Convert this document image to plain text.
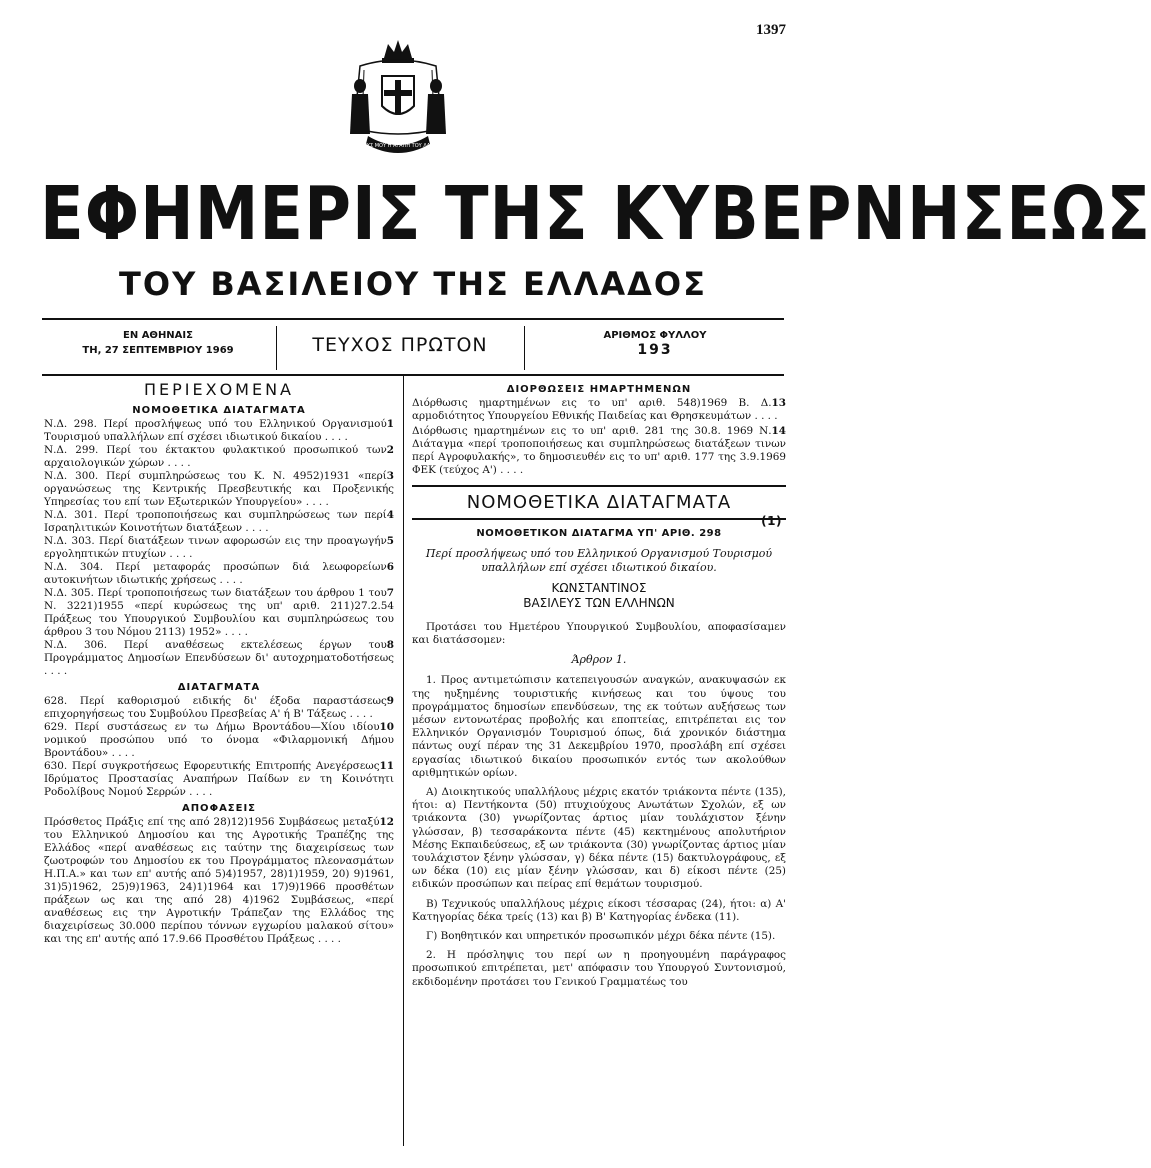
1397
ΙΣΧΥΣ ΜΟΥ Η ΑΓΑΠΗ ΤΟΥ ΛΑΟΥ
ΕΦΗΜΕΡΙΣ ΤΗΣ ΚΥΒΕΡΝΗΣΕΩΣ
ΤΟΥ ΒΑΣΙΛΕΙΟΥ ΤΗΣ ΕΛΛΑΔΟΣ
ΕΝ ΑΘΗΝΑΙΣ
ΤΗ, 27 ΣΕΠΤΕΜΒΡΙΟΥ 1969	ΤΕΥΧΟΣ ΠΡΩΤΟΝ	ΑΡΙΘΜΟΣ ΦΥΛΛΟΥ
193
ΠΕΡΙΕΧΟΜΕΝΑ
ΝΟΜΟΘΕΤΙΚΑ ΔΙΑΤΑΓΜΑΤΑ

1
Ν.Δ. 298. Περί προσλήψεως υπό του Ελληνικού Οργανισμού Τουρισμού υπαλλήλων επί σχέσει ιδιωτικού δικαίου . . . .

2
Ν.Δ. 299. Περί του έκτακτου φυλακτικού προσωπικού των αρχαιολογικών χώρων . . . .

3
Ν.Δ. 300. Περί συμπληρώσεως του Κ. Ν. 4952)1931 «περί οργανώσεως της Κεντρικής Πρεσβευτικής και Προξενικής Υπηρεσίας του επί των Εξωτερικών Υπουργείου» . . . .

4
Ν.Δ. 301. Περί τροποποιήσεως και συμπληρώσεως των περί Ισραηλιτικών Κοινοτήτων διατάξεων . . . .

5
Ν.Δ. 303. Περί διατάξεων τινων αφορωσών εις την προαγωγήν εργοληπτικών πτυχίων . . . .

6
Ν.Δ. 304. Περί μεταφοράς προσώπων διά λεωφορείων αυτοκινήτων ιδιωτικής χρήσεως . . . .

7
Ν.Δ. 305. Περί τροποποιήσεως των διατάξεων του άρθρου 1 του Ν. 3221)1955 «περί κυρώσεως της υπ' αριθ. 211)27.2.54 Πράξεως του Υπουργικού Συμβουλίου και συμπληρώσεως του άρθρου 3 του Νόμου 2113) 1952» . . . .

8
Ν.Δ. 306. Περί αναθέσεως εκτελέσεως έργων του Προγράμματος Δημοσίων Επενδύσεων δι' αυτοχρηματοδοτήσεως . . . .

ΔΙΑΤΑΓΜΑΤΑ

9
628. Περί καθορισμού ειδικής δι' έξοδα παραστάσεως επιχορηγήσεως του Συμβούλου Πρεσβείας Α' ή Β' Τάξεως . . . .

10
629. Περί συστάσεως εν τω Δήμω Βροντάδου—Χίου ιδίου νομικού προσώπου υπό το όνομα «Φιλαρμονική Δήμου Βροντάδου» . . . .

11
630. Περί συγκροτήσεως Εφορευτικής Επιτροπής Ανεγέρσεως Ιδρύματος Προστασίας Αναπήρων Παίδων εν τη Κοινότητι Ροδολίβους Νομού Σερρών . . . .

ΑΠΟΦΑΣΕΙΣ

12
Πρόσθετος Πράξις επί της από 28)12)1956 Συμβάσεως μεταξύ του Ελληνικού Δημοσίου και της Αγροτικής Τραπέζης της Ελλάδος «περί αναθέσεως εις ταύτην της διαχειρίσεως των ζωοτροφών του Δημοσίου εκ του Προγράμματος πλεονασμάτων Η.Π.Α.» και των επ' αυτής από 5)4)1957, 28)1)1959, 20) 9)1961, 31)5)1962, 25)9)1963, 24)1)1964 και 17)9)1966 προσθέτων πράξεων ως και της από 28) 4)1962 Συμβάσεως, «περί αναθέσεως εις την Αγροτικήν Τράπεζαν της Ελλάδος της διαχειρίσεως 30.000 περίπου τόννων εγχωρίου μαλακού σίτου» και της επ' αυτής από 17.9.66 Προσθέτου Πράξεως . . . .

ΔΙΟΡΘΩΣΕΙΣ ΗΜΑΡΤΗΜΕΝΩΝ

13
Διόρθωσις ημαρτημένων εις το υπ' αριθ. 548)1969 Β. Δ. αρμοδιότητος Υπουργείου Εθνικής Παιδείας και Θρησκευμάτων . . . .

14
Διόρθωσις ημαρτημένων εις το υπ' αριθ. 281 της 30.8. 1969 Ν. Διάταγμα «περί τροποποιήσεως και συμπληρώσεως διατάξεων τινων περί Αγροφυλακής», το δημοσιευθέν εις το υπ' αριθ. 177 της 3.9.1969 ΦΕΚ (τεύχος Α') . . . .

ΝΟΜΟΘΕΤΙΚΑ ΔΙΑΤΑΓΜΑΤΑ
(1)
ΝΟΜΟΘΕΤΙΚΟΝ ΔΙΑΤΑΓΜΑ ΥΠ' ΑΡΙΘ. 298
Περί προσλήψεως υπό του Ελληνικού Οργανισμού Τουρισμού υπαλλήλων επί σχέσει ιδιωτικού δικαίου.
ΚΩΝΣΤΑΝΤΙΝΟΣ
ΒΑΣΙΛΕΥΣ ΤΩΝ ΕΛΛΗΝΩΝ

Προτάσει του Ημετέρου Υπουργικού Συμβουλίου, αποφασίσαμεν και διατάσσομεν:

Άρθρον 1.

1. Προς αντιμετώπισιν κατεπειγουσών αναγκών, ανακυψασών εκ της ηυξημένης τουριστικής κινήσεως και του ύψους του προγράμματος δημοσίων επενδύσεων, της εκ τούτων αυξήσεως των μέσων εντονωτέρας προβολής και εποπτείας, επιτρέπεται εις τον Ελληνικόν Οργανισμόν Τουρισμού όπως, διά χρονικόν διάστημα πάντως ουχί πέραν της 31 Δεκεμβρίου 1970, προσλάβη επί σχέσει εργασίας ιδιωτικού δικαίου προσωπικόν εντός των ακολούθων αριθμητικών ορίων.

Α) Διοικητικούς υπαλλήλους μέχρις εκατόν τριάκοντα πέντε (135), ήτοι: α) Πεντήκοντα (50) πτυχιούχους Ανωτάτων Σχολών, εξ ων τριάκοντα (30) γνωρίζοντας άρτιος μίαν τουλάχιστον ξένην γλώσσαν, β) τεσσαράκοντα πέντε (45) κεκτημένους απολυτήριον Μέσης Εκπαιδεύσεως, εξ ων τριάκοντα (30) γνωρίζοντας άρτιος μίαν τουλάχιστον ξένην γλώσσαν, γ) δέκα πέντε (15) δακτυλογράφους, εξ ων δέκα (10) εις μίαν ξένην γλώσσαν, και δ) είκοσι πέντε (25) ειδικών προσώπων και πείρας επί θεμάτων τουρισμού.

Β) Τεχνικούς υπαλλήλους μέχρις είκοσι τέσσαρας (24), ήτοι: α) Α' Κατηγορίας δέκα τρείς (13) και β) Β' Κατηγορίας ένδεκα (11).

Γ) Βοηθητικόν και υπηρετικόν προσωπικόν μέχρι δέκα πέντε (15).

2. Η πρόσληψις του περί ων η προηγουμένη παράγραφος προσωπικού επιτρέπεται, μετ' απόφασιν του Υπουργού Συντονισμού, εκδιδομένην προτάσει του Γενικού Γραμματέως του
